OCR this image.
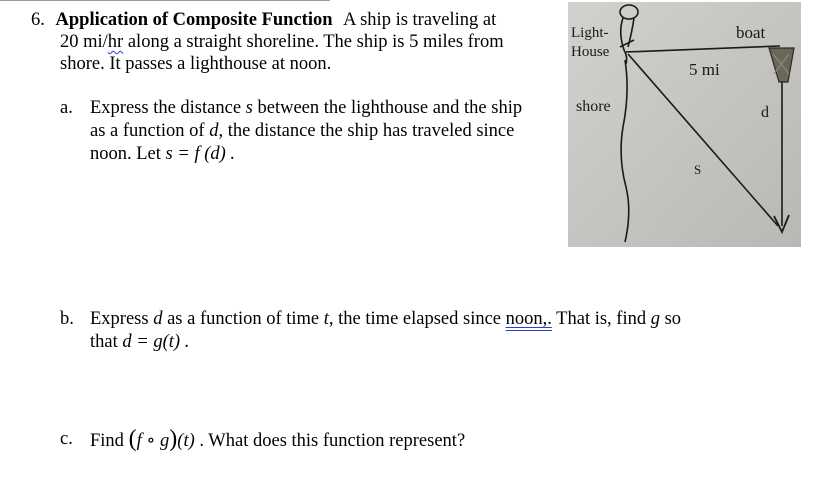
6. Application of Composite Function A ship is traveling at
20 mi/hr along a straight shoreline. The ship is 5 miles from
shore. It passes a lighthouse at noon.
a. Express the distance s between the lighthouse and the ship
as a function of d, the distance the ship has traveled since
noon. Let s = f (d) .
Light-
House
boat
5 mi
shore	d
S
b. Express d as a function of time t, the time elapsed since noon,. That is, find g so
that d = g(t) .
c. Find (f ∘ g)(t) . What does this function represent?
